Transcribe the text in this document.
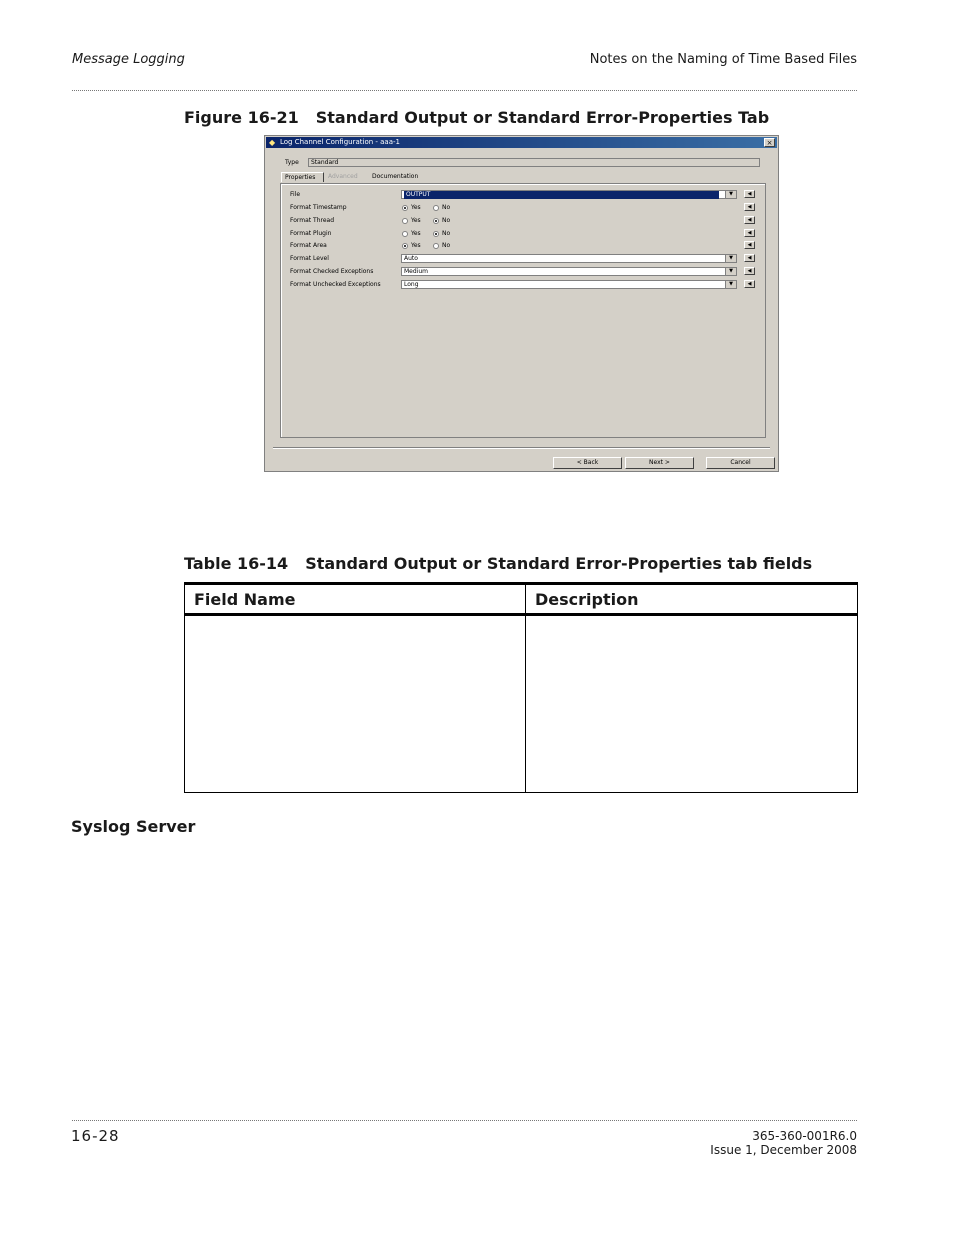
Message Logging	Notes on the Naming of Time Based Files
Figure 16-21 Standard Output or Standard Error-Properties Tab
◆ Log Channel Configuration - aaa-1	×
Type	Standard
Properties	Advanced	Documentation
File	OUTPUT	▼	◀
Format Timestamp	Yes	No	◀
Format Thread	Yes	No	◀
Format Plugin	Yes	No	◀
Format Area	Yes	No	◀
Format Level	Auto	▼	◀
Format Checked Exceptions	Medium	▼	◀
Format Unchecked Exceptions	Long	▼	◀
< Back	Next >	Cancel
Table 16-14 Standard Output or Standard Error-Properties tab fields
Field Name	Description

Syslog Server
16-28	365-360-001R6.0
Issue 1, December 2008
